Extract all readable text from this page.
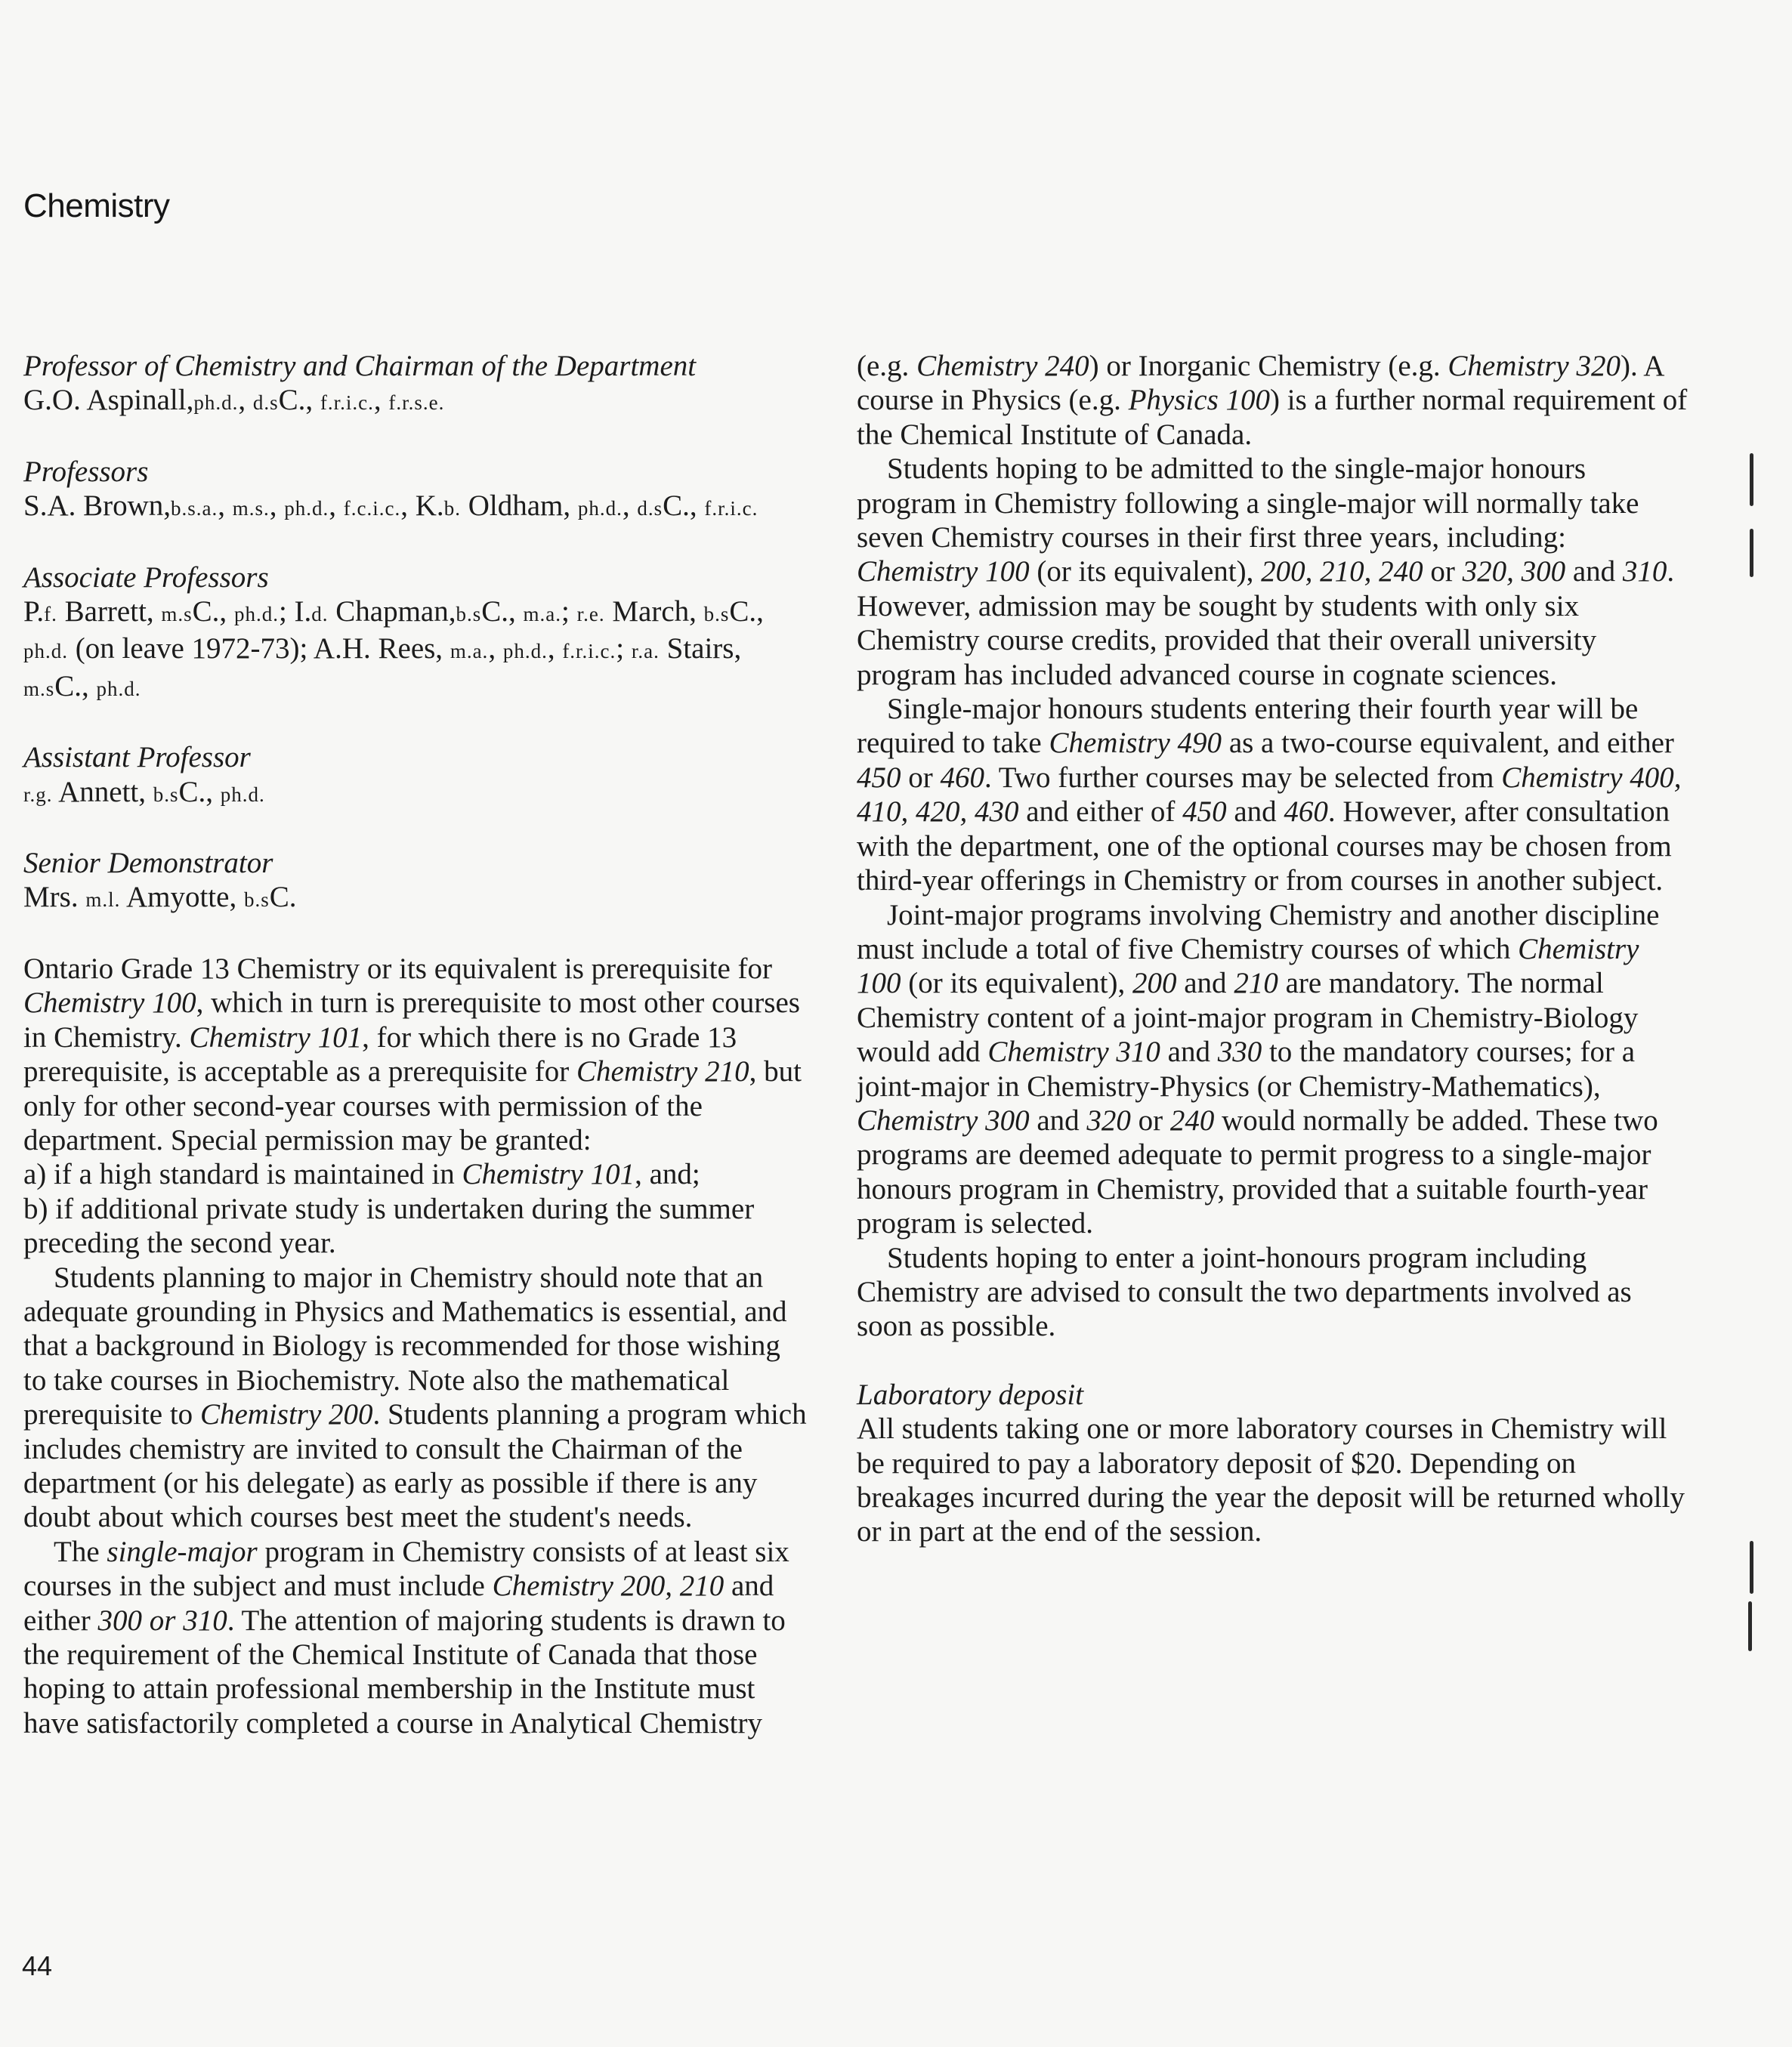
Chemistry

Professor of Chemistry and Chairman of the Department

G.O. Aspinall,ph.d., d.sC., f.r.i.c., f.r.s.e.

Professors

S.A. Brown,b.s.a., m.s., ph.d., f.c.i.c., K.b. Oldham, ph.d., d.sC., f.r.i.c.

Associate Professors

P.f. Barrett, m.sC., ph.d.; I.d. Chapman,b.sC., m.a.; r.e. March, b.sC., ph.d. (on leave 1972-73); A.H. Rees, m.a., ph.d., f.r.i.c.; r.a. Stairs, m.sC., ph.d.

Assistant Professor

r.g. Annett, b.sC., ph.d.

Senior Demonstrator

Mrs. m.l. Amyotte, b.sC.

Ontario Grade 13 Chemistry or its equivalent is prerequisite for Chemistry 100, which in turn is prerequisite to most other courses in Chemistry. Chemistry 101, for which there is no Grade 13 prerequisite, is acceptable as a prerequisite for Chemistry 210, but only for other second-year courses with permission of the department. Special permission may be granted:

a) if a high standard is maintained in Chemistry 101, and;

b) if additional private study is undertaken during the summer preceding the second year.

Students planning to major in Chemistry should note that an adequate grounding in Physics and Mathematics is essential, and that a background in Biology is recommended for those wishing to take courses in Biochemistry. Note also the mathematical prerequisite to Chemistry 200. Students planning a program which includes chemistry are invited to consult the Chairman of the department (or his delegate) as early as possible if there is any doubt about which courses best meet the student's needs.

The single-major program in Chemistry consists of at least six courses in the subject and must include Chemistry 200, 210 and either 300 or 310. The attention of majoring students is drawn to the requirement of the Chemical Institute of Canada that those hoping to attain professional membership in the Institute must have satisfactorily completed a course in Analytical Chemistry

(e.g. Chemistry 240) or Inorganic Chemistry (e.g. Chemistry 320). A course in Physics (e.g. Physics 100) is a further normal requirement of the Chemical Institute of Canada.

Students hoping to be admitted to the single-major honours program in Chemistry following a single-major will normally take seven Chemistry courses in their first three years, including: Chemistry 100 (or its equivalent), 200, 210, 240 or 320, 300 and 310. However, admission may be sought by students with only six Chemistry course credits, provided that their overall university program has included advanced course in cognate sciences.

Single-major honours students entering their fourth year will be required to take Chemistry 490 as a two-course equivalent, and either 450 or 460. Two further courses may be selected from Chemistry 400, 410, 420, 430 and either of 450 and 460. However, after consultation with the department, one of the optional courses may be chosen from third-year offerings in Chemistry or from courses in another subject.

Joint-major programs involving Chemistry and another discipline must include a total of five Chemistry courses of which Chemistry 100 (or its equivalent), 200 and 210 are mandatory. The normal Chemistry content of a joint-major program in Chemistry-Biology would add Chemistry 310 and 330 to the mandatory courses; for a joint-major in Chemistry-Physics (or Chemistry-Mathematics), Chemistry 300 and 320 or 240 would normally be added. These two programs are deemed adequate to permit progress to a single-major honours program in Chemistry, provided that a suitable fourth-year program is selected.

Students hoping to enter a joint-honours program including Chemistry are advised to consult the two departments involved as soon as possible.

Laboratory deposit

All students taking one or more laboratory courses in Chemistry will be required to pay a laboratory deposit of $20. Depending on breakages incurred during the year the deposit will be returned wholly or in part at the end of the session.

44
